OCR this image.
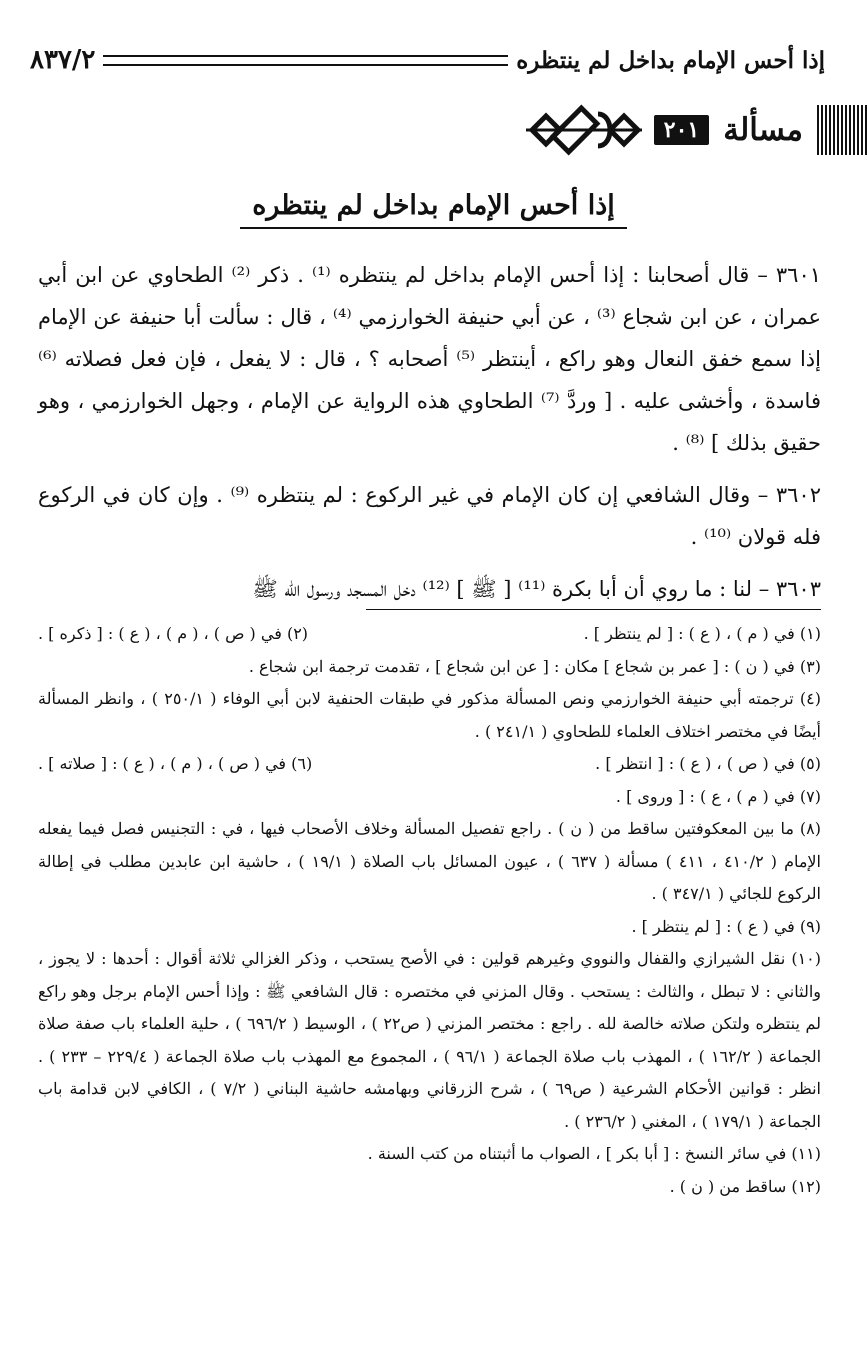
إذا أحس الإمام بداخل لم ينتظره
٨٣٧/٢
مسألة
٢٠١
إذا أحس الإمام بداخل لم ينتظره

٣٦٠١ – قال أصحابنا : إذا أحس الإمام بداخل لم ينتظره ⁽¹⁾ . ذكر ⁽²⁾ الطحاوي عن ابن أبي عمران ، عن ابن شجاع ⁽³⁾ ، عن أبي حنيفة الخوارزمي ⁽⁴⁾ ، قال : سألت أبا حنيفة عن الإمام إذا سمع خفق النعال وهو راكع ، أينتظر ⁽⁵⁾ أصحابه ؟ ، قال : لا يفعل ، فإن فعل فصلاته ⁽⁶⁾ فاسدة ، وأخشى عليه . [ وردَّ ⁽⁷⁾ الطحاوي هذه الرواية عن الإمام ، وجهل الخوارزمي ، وهو حقيق بذلك ] ⁽⁸⁾ .

٣٦٠٢ – وقال الشافعي إن كان الإمام في غير الركوع : لم ينتظره ⁽⁹⁾ . وإن كان في الركوع فله قولان ⁽¹⁰⁾ .

٣٦٠٣ – لنا : ما روي أن أبا بكرة ⁽¹¹⁾ [ ﷺ ] ⁽¹²⁾ دخل المسجد ورسول الله ﷺ

(١) في ( م ) ، ( ع ) : [ لم ينتظر ] .
(٢) في ( ص ) ، ( م ) ، ( ع ) : [ ذكره ] .
(٣) في ( ن ) : [ عمر بن شجاع ] مكان : [ عن ابن شجاع ] ، تقدمت ترجمة ابن شجاع .
(٤) ترجمته أبي حنيفة الخوارزمي ونص المسألة مذكور في طبقات الحنفية لابن أبي الوفاء ( ٢٥٠/١ ) ، وانظر المسألة أيضًا في مختصر اختلاف العلماء للطحاوي ( ٢٤١/١ ) .
(٥) في ( ص ) ، ( ع ) : [ انتظر ] .
(٦) في ( ص ) ، ( م ) ، ( ع ) : [ صلاته ] .
(٧) في ( م ) ، ع ) : [ وروى ] .
(٨) ما بين المعكوفتين ساقط من ( ن ) . راجع تفصيل المسألة وخلاف الأصحاب فيها ، في : التجنيس فصل فيما يفعله الإمام ( ٤١٠/٢ ، ٤١١ ) مسألة ( ٦٣٧ ) ، عيون المسائل باب الصلاة ( ١٩/١ ) ، حاشية ابن عابدين مطلب في إطالة الركوع للجائي ( ٣٤٧/١ ) .
(٩) في ( ع ) : [ لم ينتظر ] .
(١٠) نقل الشيرازي والقفال والنووي وغيرهم قولين : في الأصح يستحب ، وذكر الغزالي ثلاثة أقوال : أحدها : لا يجوز ، والثاني : لا تبطل ، والثالث : يستحب . وقال المزني في مختصره : قال الشافعي ﷺ : وإذا أحس الإمام برجل وهو راكع لم ينتظره ولتكن صلاته خالصة لله . راجع : مختصر المزني ( ص٢٢ ) ، الوسيط ( ٦٩٦/٢ ) ، حلية العلماء باب صفة صلاة الجماعة ( ١٦٢/٢ ) ، المهذب باب صلاة الجماعة ( ٩٦/١ ) ، المجموع مع المهذب باب صلاة الجماعة ( ٢٢٩/٤ – ٢٣٣ ) . انظر : قوانين الأحكام الشرعية ( ص٦٩ ) ، شرح الزرقاني وبهامشه حاشية البناني ( ٧/٢ ) ، الكافي لابن قدامة باب الجماعة ( ١٧٩/١ ) ، المغني ( ٢٣٦/٢ ) .
(١١) في سائر النسخ : [ أبا بكر ] ، الصواب ما أثبتناه من كتب السنة .
(١٢) ساقط من ( ن ) .
